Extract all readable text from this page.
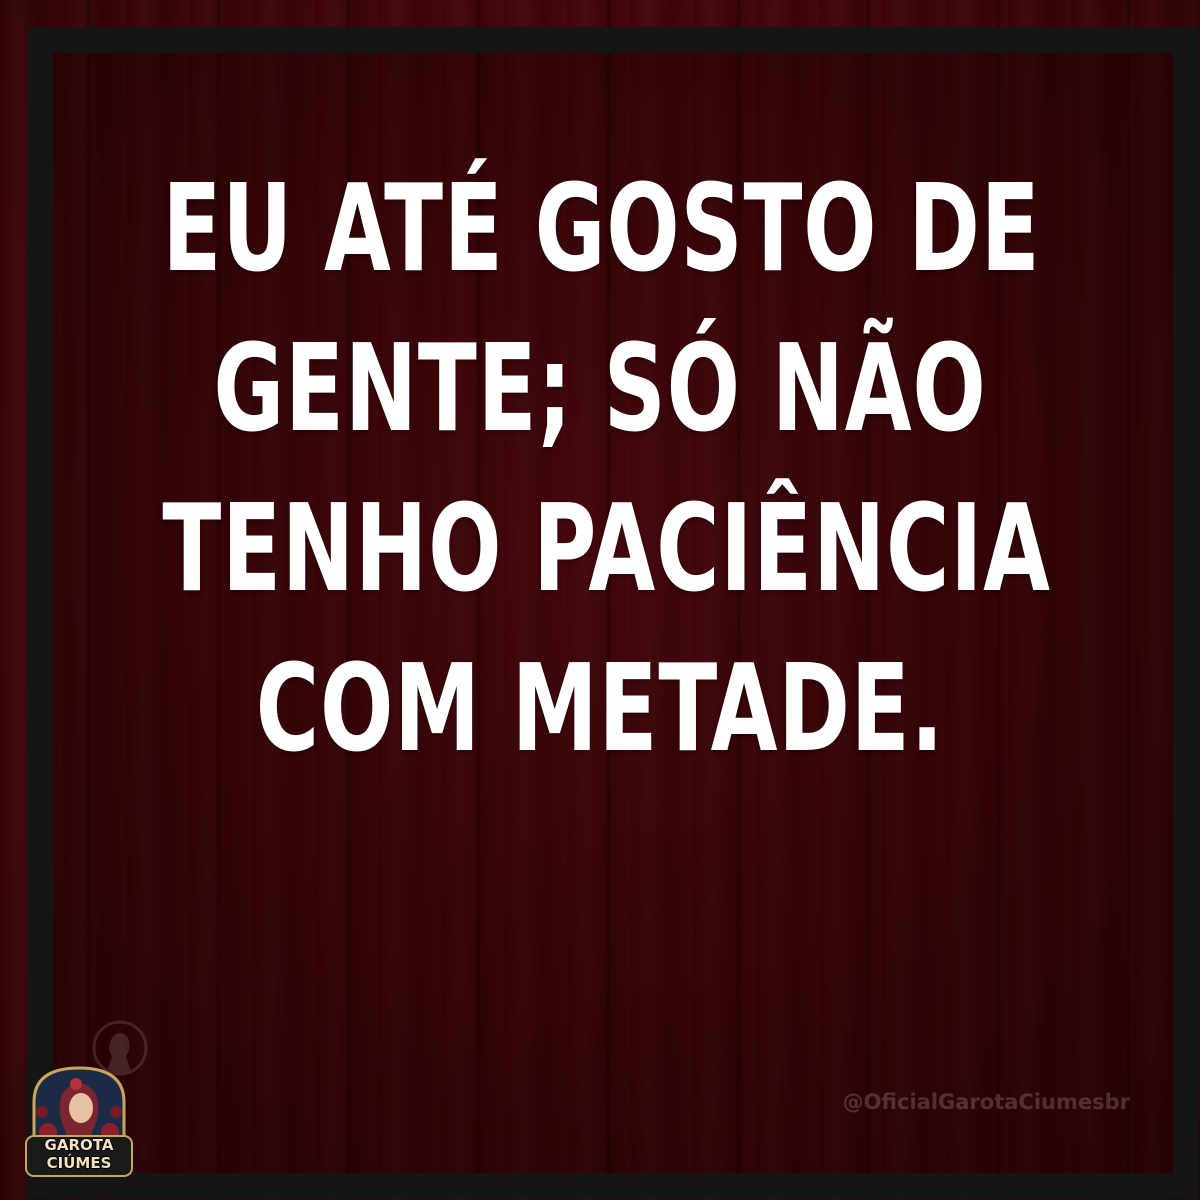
EU ATÉ GOSTO DE
GENTE; SÓ NÃO
TENHO PACIÊNCIA
COM METADE.
@OficialGarotaCiumesbr
GAROTA
CIÚMES
